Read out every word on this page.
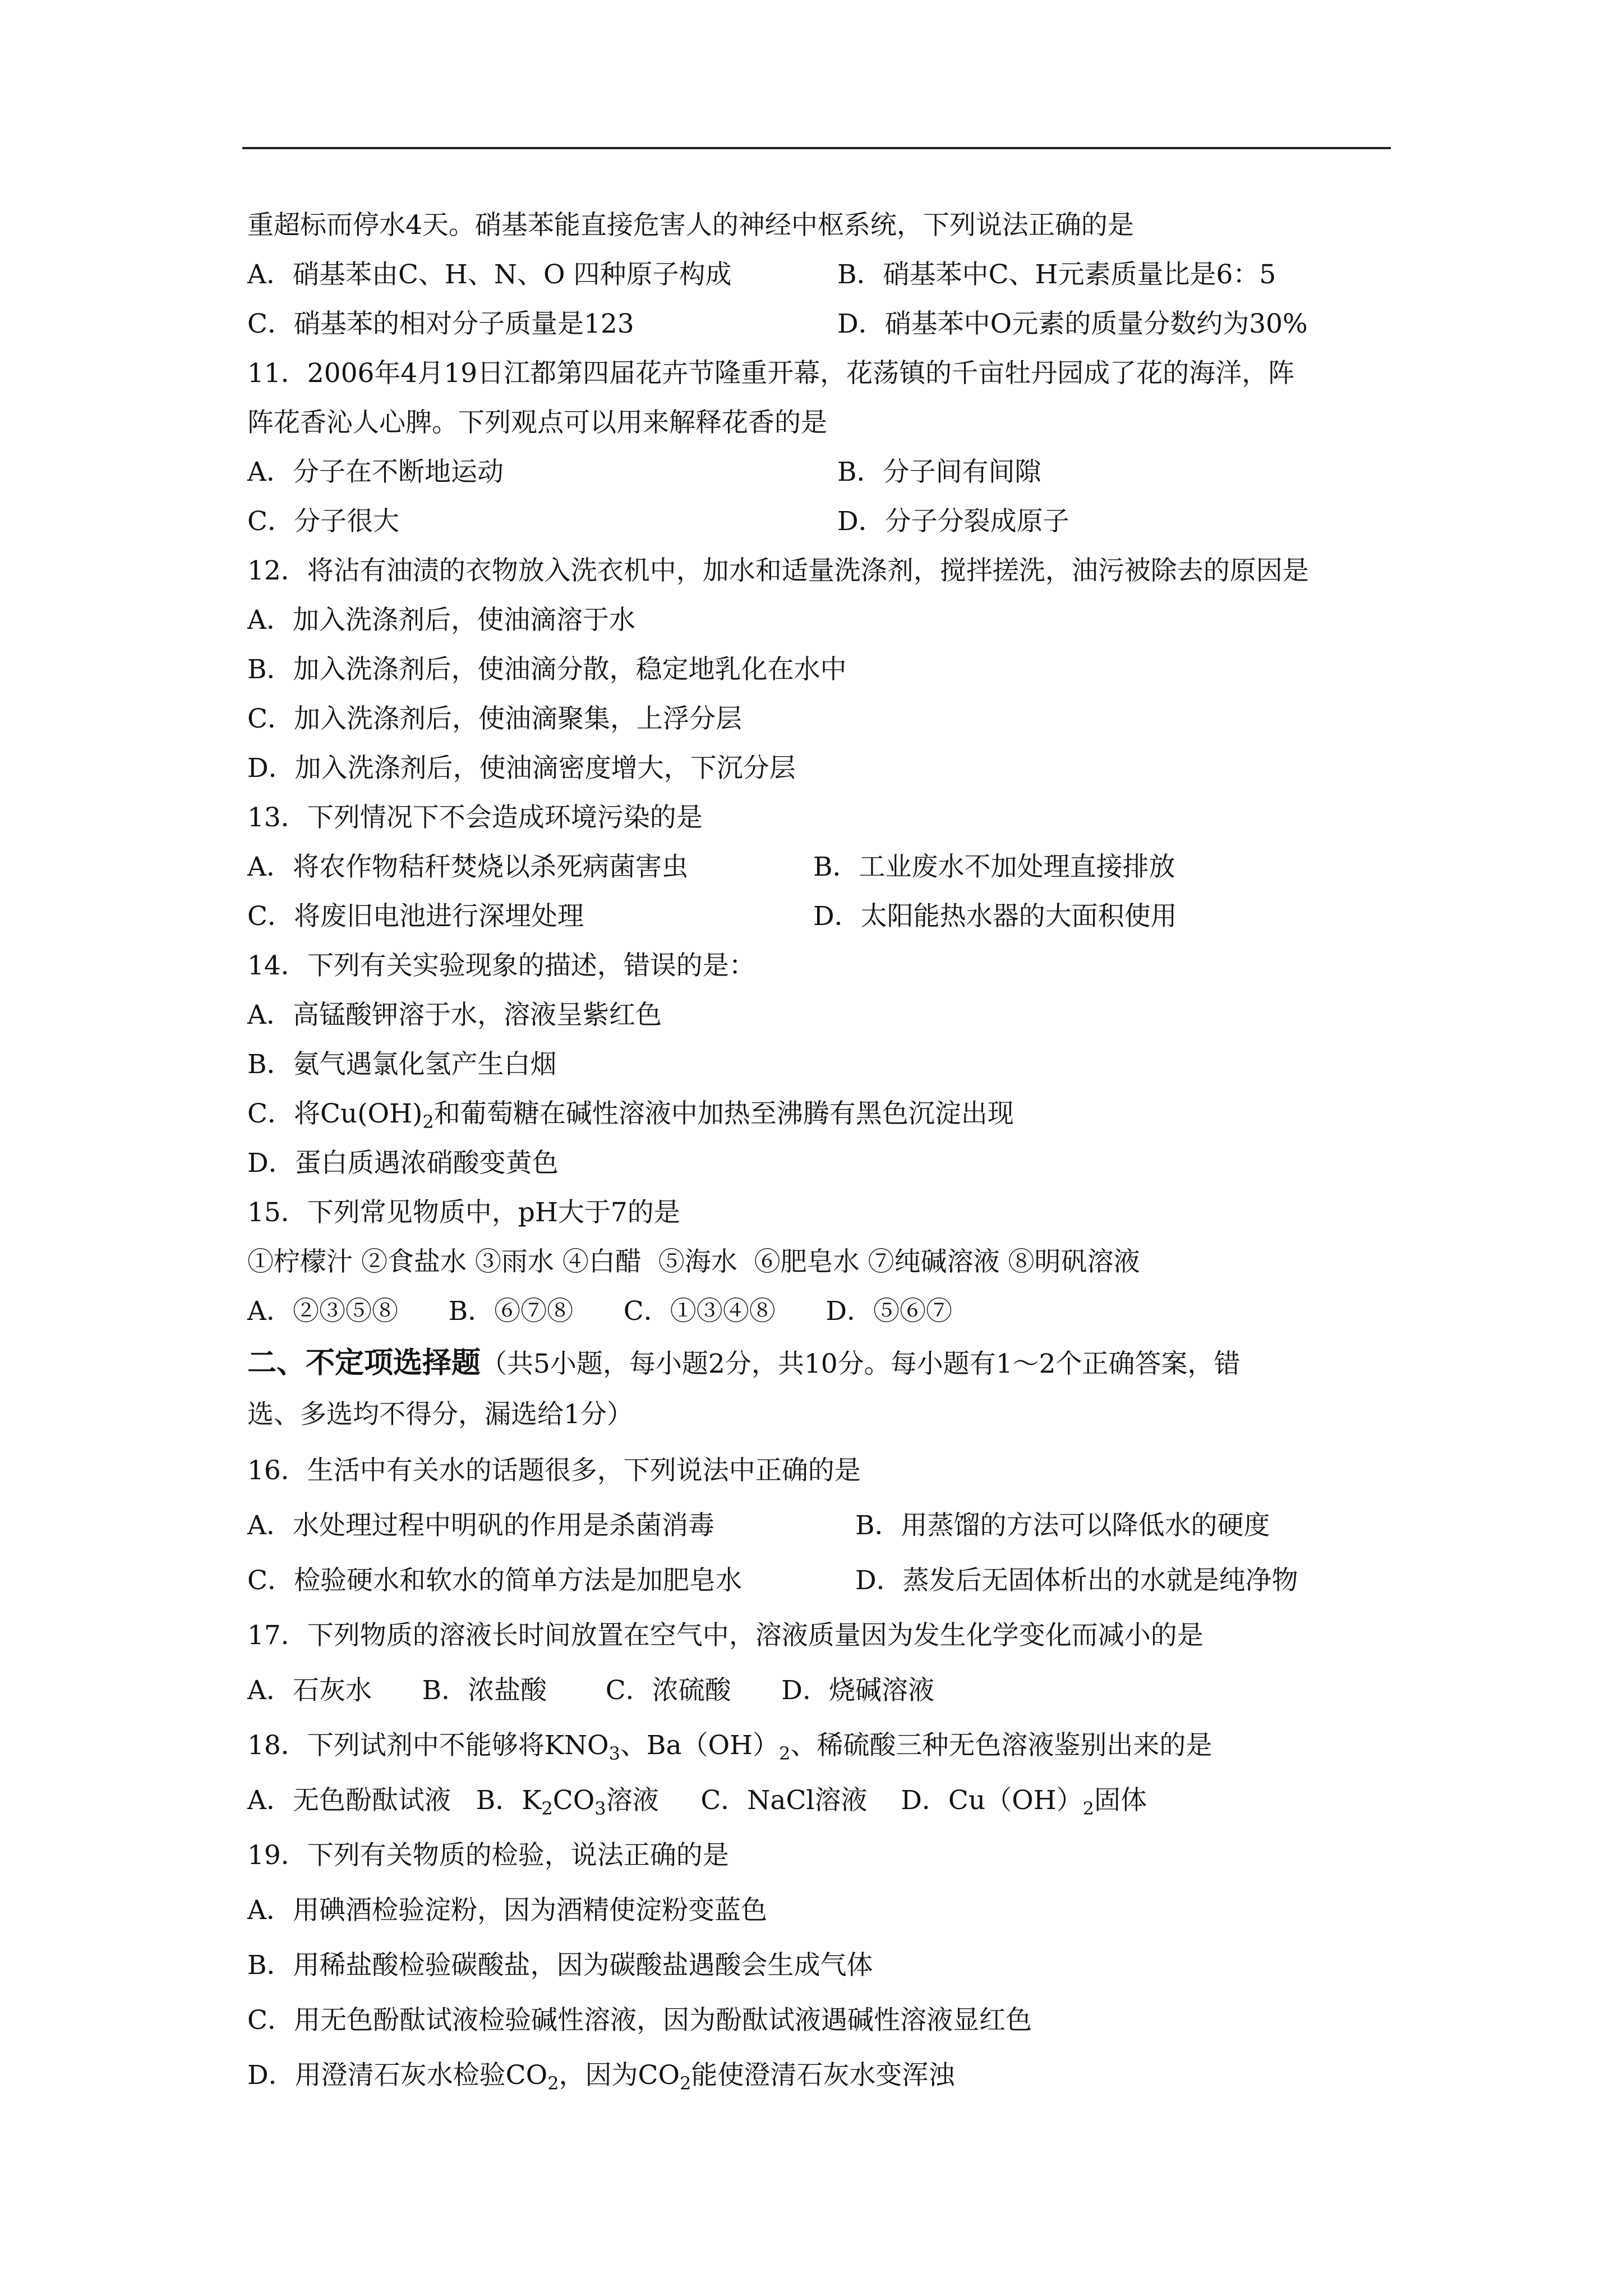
重超标而停水4天。硝基苯能直接危害人的神经中枢系统，下列说法正确的是
A．硝基苯由C、H、N、O 四种原子构成	B．硝基苯中C、H元素质量比是6：5
C．硝基苯的相对分子质量是123	D．硝基苯中O元素的质量分数约为30%
11．2006年4月19日江都第四届花卉节隆重开幕，花荡镇的千亩牡丹园成了花的海洋，阵
阵花香沁人心脾。下列观点可以用来解释花香的是
A．分子在不断地运动	B．分子间有间隙
C．分子很大	D．分子分裂成原子
12．将沾有油渍的衣物放入洗衣机中，加水和适量洗涤剂，搅拌搓洗，油污被除去的原因是
A．加入洗涤剂后，使油滴溶于水
B．加入洗涤剂后，使油滴分散，稳定地乳化在水中
C．加入洗涤剂后，使油滴聚集，上浮分层
D．加入洗涤剂后，使油滴密度增大，下沉分层
13．下列情况下不会造成环境污染的是
A．将农作物秸秆焚烧以杀死病菌害虫	B．工业废水不加处理直接排放
C．将废旧电池进行深埋处理	D．太阳能热水器的大面积使用
14．下列有关实验现象的描述，错误的是：
A．高锰酸钾溶于水，溶液呈紫红色
B．氨气遇氯化氢产生白烟
C．将$Cu(OH)_2$和葡萄糖在碱性溶液中加热至沸腾有黑色沉淀出现
D．蛋白质遇浓硝酸变黄色
15．下列常见物质中，pH大于7的是
①柠檬汁 ②食盐水 ③雨水 ④白醋  ⑤海水  ⑥肥皂水 ⑦纯碱溶液 ⑧明矾溶液
A．②③⑤⑧      B．⑥⑦⑧      C．①③④⑧      D．⑤⑥⑦
二、不定项选择题（共5小题，每小题2分，共10分。每小题有1～2个正确答案，错
选、多选均不得分，漏选给1分）
16．生活中有关水的话题很多，下列说法中正确的是
A．水处理过程中明矾的作用是杀菌消毒	B．用蒸馏的方法可以降低水的硬度
C．检验硬水和软水的简单方法是加肥皂水	D．蒸发后无固体析出的水就是纯净物
17．下列物质的溶液长时间放置在空气中，溶液质量因为发生化学变化而减小的是
A．石灰水      B．浓盐酸       C．浓硫酸      D．烧碱溶液
18．下列试剂中不能够将$KNO_3$、$Ba(OH)_2$、稀硫酸三种无色溶液鉴别出来的是
A．无色酚酞试液   B．$K_2CO_3$溶液     C．NaCl溶液    D．$Cu(OH)_2$固体
19．下列有关物质的检验，说法正确的是
A．用碘酒检验淀粉，因为酒精使淀粉变蓝色
B．用稀盐酸检验碳酸盐，因为碳酸盐遇酸会生成气体
C．用无色酚酞试液检验碱性溶液，因为酚酞试液遇碱性溶液显红色
D．用澄清石灰水检验$CO_2$，因为$CO_2$能使澄清石灰水变浑浊
